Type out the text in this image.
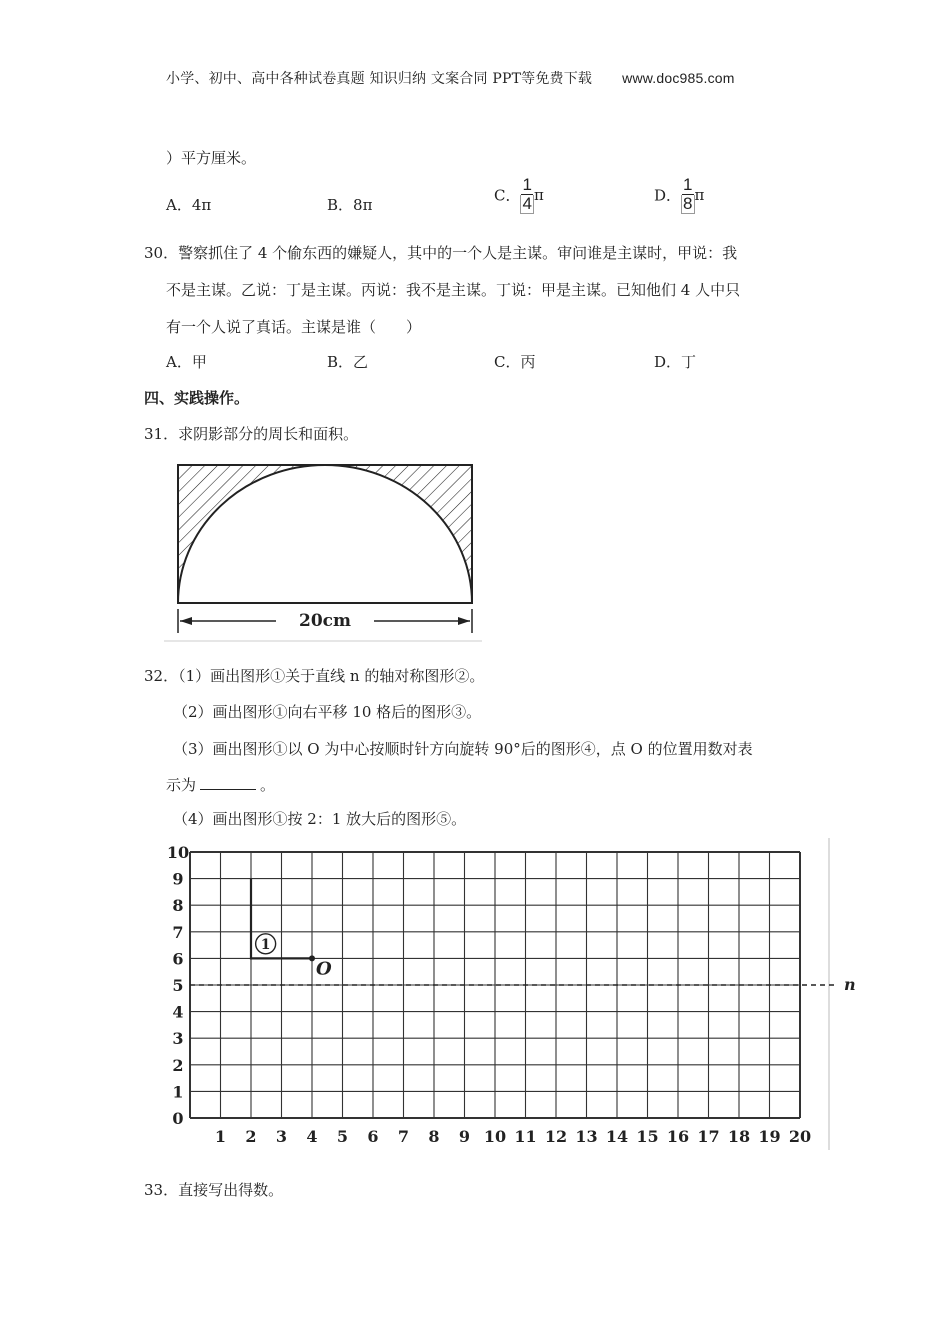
小学、初中、高中各种试卷真题 知识归纳 文案合同 PPT等免费下载 www.doc985.com
）平方厘米。
A．4π	B．8π
C． $\frac{1}{4}$ π	D． $\frac{1}{8}$ π
30．警察抓住了 4 个偷东西的嫌疑人，其中的一个人是主谋。审问谁是主谋时，甲说：我
不是主谋。乙说：丁是主谋。丙说：我不是主谋。丁说：甲是主谋。已知他们 4 人中只
有一个人说了真话。主谋是谁（　　）
A．甲	B．乙	C．丙	D．丁
四、实践操作。
31．求阴影部分的周长和面积。
20cm
32．（1）画出图形①关于直线 n 的轴对称图形②。
（2）画出图形①向右平移 10 格后的图形③。
（3）画出图形①以 O 为中心按顺时针方向旋转 90°后的图形④，点 O 的位置用数对表
示为	。
（4）画出图形①按 2：1 放大后的图形⑤。
10
9
8
7
6
5
4
3
2
1
0
1 2 3 4 5 6 7 8 9 10 11 12 13 14 15 16 17 18 19 20
n
1
O
33．直接写出得数。
